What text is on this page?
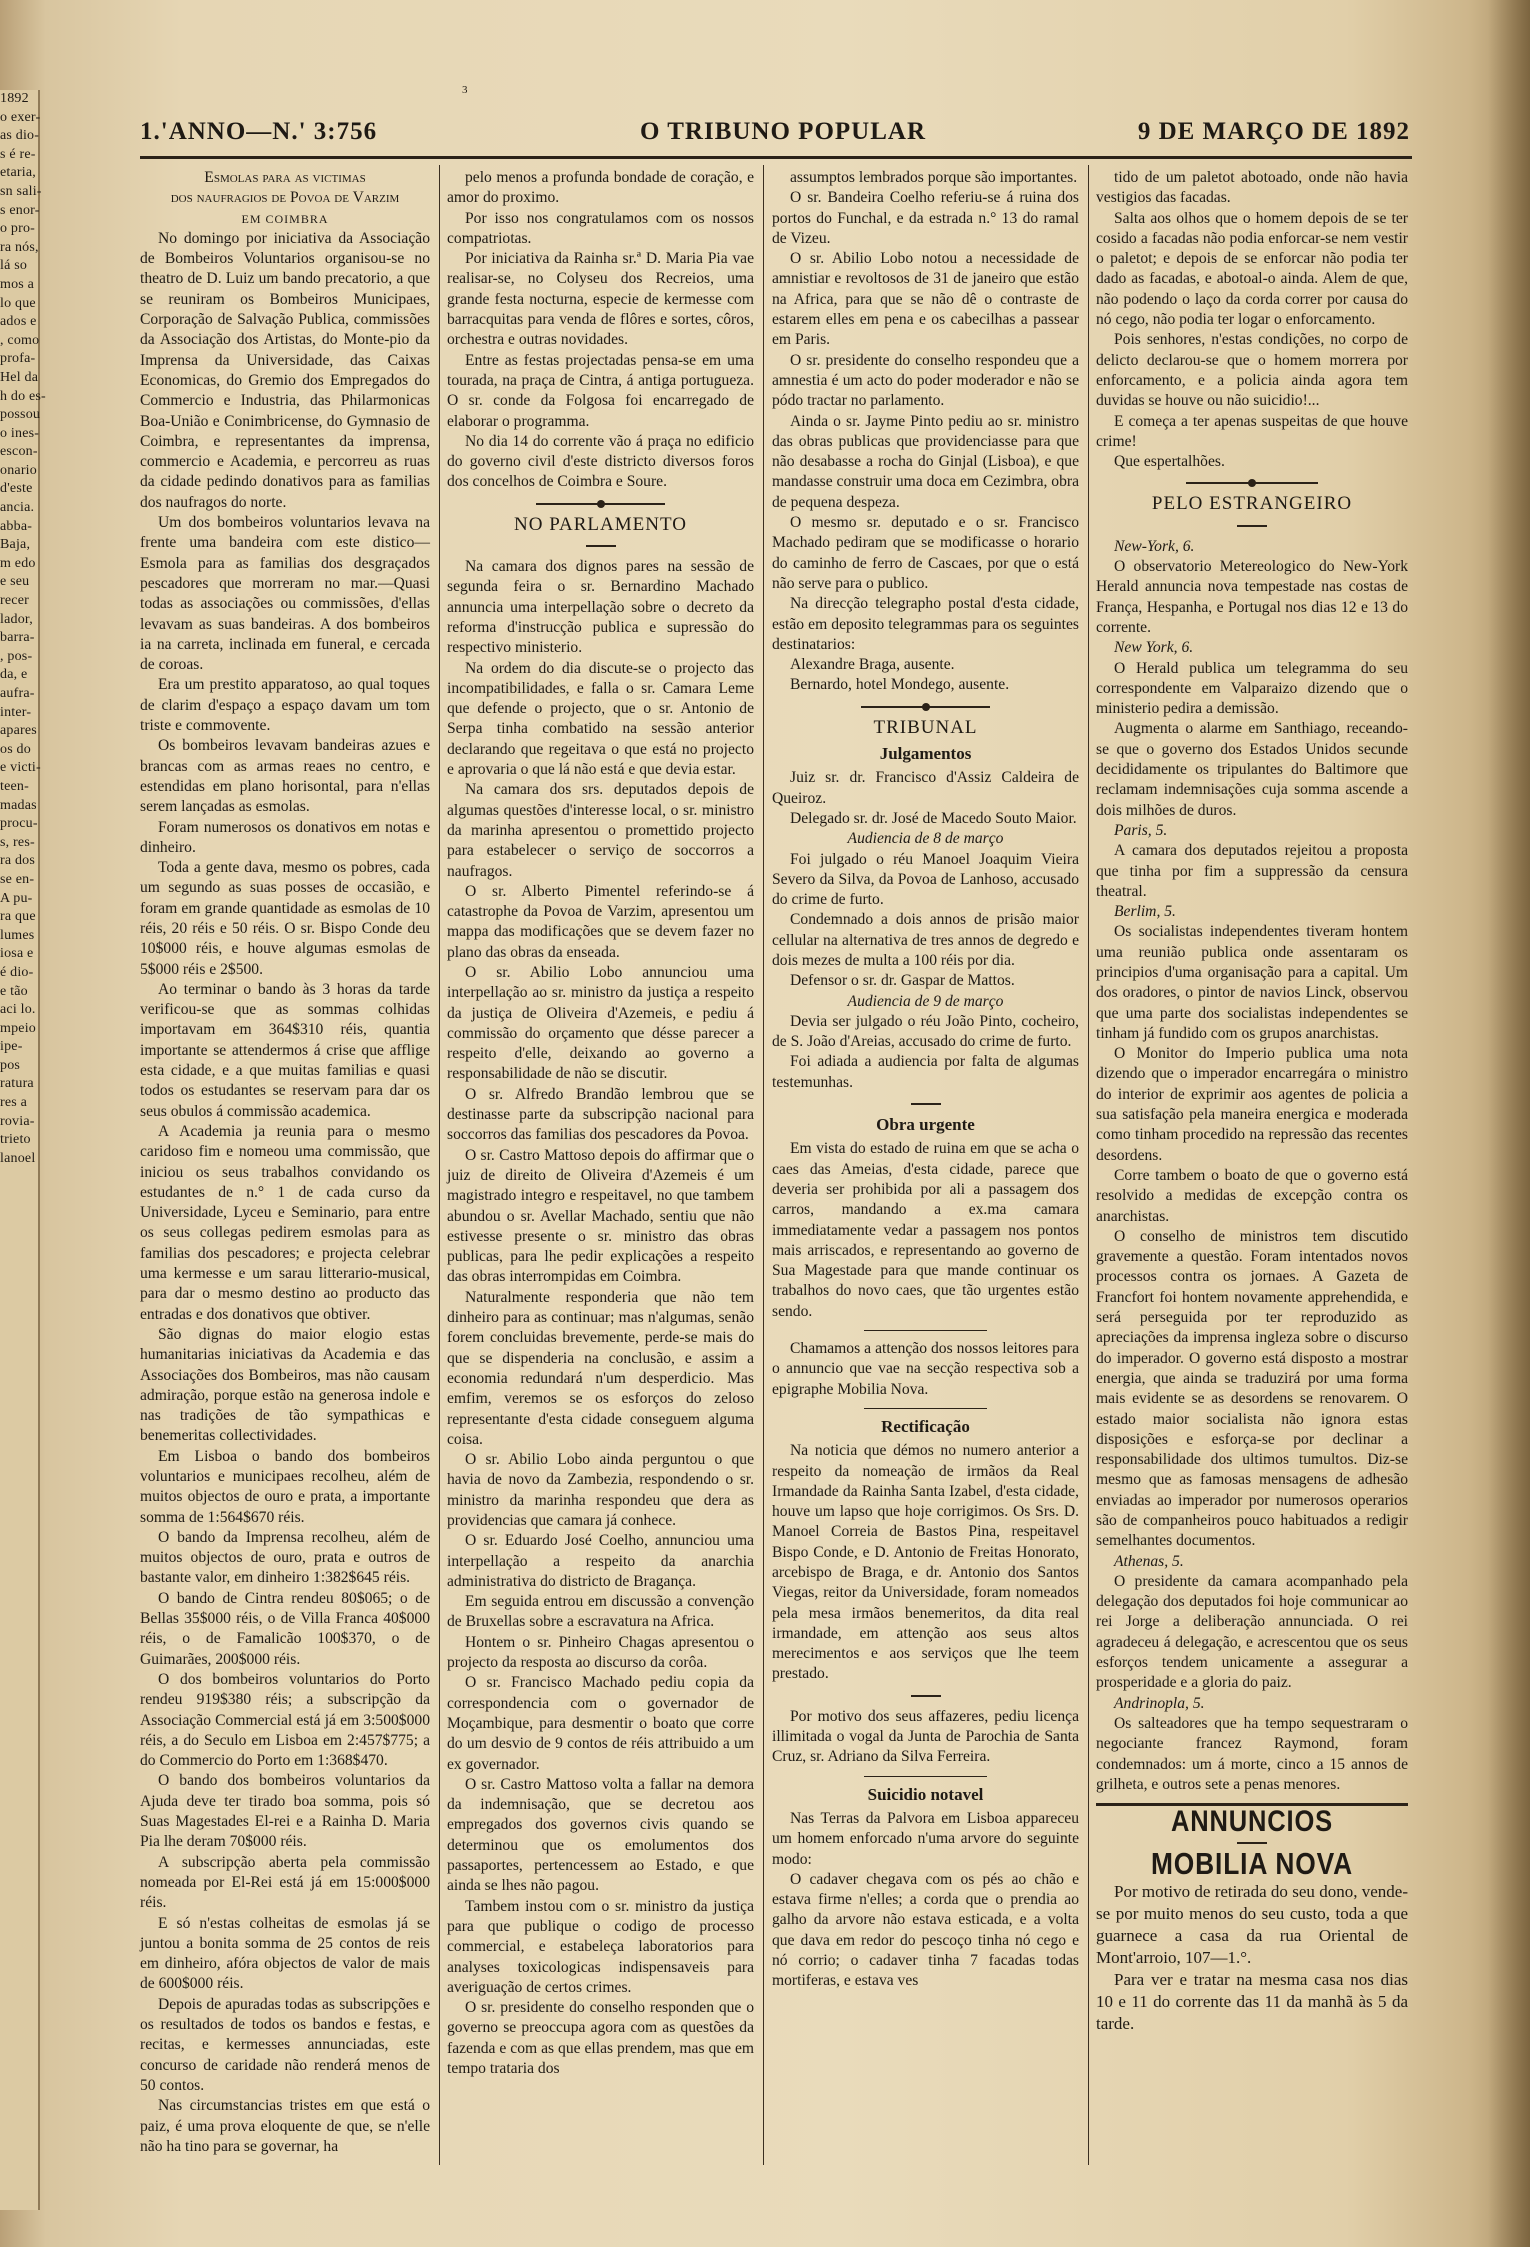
1892
o exer-
as dio-
s é re-
etaria,
sn sali-
s enor-
o pro-
ra nós,
lá so
mos a
lo que
ados e
, como
profa-
Hel da
h do es-
possou
o ines-
escon-
onario
d'este
ancia.
abba-
Baja,
m edo
e seu
recer
lador,
barra-
, pos-
da, e
aufra-
inter-
apares
os do
e victi-
teen-
madas
procu-
s, res-
ra dos
se en-
A pu-
ra que
lumes
iosa e
é dio-
e tão
aci lo.
mpeio
ipe-
pos
ratura
res a
rovia-
trieto
lanoel
3
1.'ANNO—N.' 3:756	O TRIBUNO POPULAR	9 DE MARÇO DE 1892

Esmolas para as victimas

dos naufragios de Povoa de Varzim

EM COIMBRA

No domingo por iniciativa da Associação de Bombeiros Voluntarios organisou-se no theatro de D. Luiz um bando precatorio, a que se reuniram os Bombeiros Municipaes, Corporação de Salvação Publica, commissões da Associação dos Artistas, do Monte-pio da Imprensa da Universidade, das Caixas Economicas, do Gremio dos Empregados do Commercio e Industria, das Philarmonicas Boa-União e Conimbricense, do Gymnasio de Coimbra, e representantes da imprensa, commercio e Academia, e percorreu as ruas da cidade pedindo donativos para as familias dos naufragos do norte.

Um dos bombeiros voluntarios levava na frente uma bandeira com este distico—Esmola para as familias dos desgraçados pescadores que morreram no mar.—Quasi todas as associações ou commissões, d'ellas levavam as suas bandeiras. A dos bombeiros ia na carreta, inclinada em funeral, e cercada de coroas.

Era um prestito apparatoso, ao qual toques de clarim d'espaço a espaço davam um tom triste e commovente.

Os bombeiros levavam bandeiras azues e brancas com as armas reaes no centro, e estendidas em plano horisontal, para n'ellas serem lançadas as esmolas.

Foram numerosos os donativos em notas e dinheiro.

Toda a gente dava, mesmo os pobres, cada um segundo as suas posses de occasião, e foram em grande quantidade as esmolas de 10 réis, 20 réis e 50 réis. O sr. Bispo Conde deu 10$000 réis, e houve algumas esmolas de 5$000 réis e 2$500.

Ao terminar o bando às 3 horas da tarde verificou-se que as sommas colhidas importavam em 364$310 réis, quantia importante se attendermos á crise que afflige esta cidade, e a que muitas familias e quasi todos os estudantes se reservam para dar os seus obulos á commissão academica.

A Academia ja reunia para o mesmo caridoso fim e nomeou uma commissão, que iniciou os seus trabalhos convidando os estudantes de n.° 1 de cada curso da Universidade, Lyceu e Seminario, para entre os seus collegas pedirem esmolas para as familias dos pescadores; e projecta celebrar uma kermesse e um sarau litterario-musical, para dar o mesmo destino ao producto das entradas e dos donativos que obtiver.

São dignas do maior elogio estas humanitarias iniciativas da Academia e das Associações dos Bombeiros, mas não causam admiração, porque estão na generosa indole e nas tradições de tão sympathicas e benemeritas collectividades.

Em Lisboa o bando dos bombeiros voluntarios e municipaes recolheu, além de muitos objectos de ouro e prata, a importante somma de 1:564$670 réis.

O bando da Imprensa recolheu, além de muitos objectos de ouro, prata e outros de bastante valor, em dinheiro 1:382$645 réis.

O bando de Cintra rendeu 80$065; o de Bellas 35$000 réis, o de Villa Franca 40$000 réis, o de Famalicão 100$370, o de Guimarães, 200$000 réis.

O dos bombeiros voluntarios do Porto rendeu 919$380 réis; a subscripção da Associação Commercial está já em 3:500$000 réis, a do Seculo em Lisboa em 2:457$775; a do Commercio do Porto em 1:368$470.

O bando dos bombeiros voluntarios da Ajuda deve ter tirado boa somma, pois só Suas Magestades El-rei e a Rainha D. Maria Pia lhe deram 70$000 réis.

A subscripção aberta pela commissão nomeada por El-Rei está já em 15:000$000 réis.

E só n'estas colheitas de esmolas já se juntou a bonita somma de 25 contos de reis em dinheiro, afóra objectos de valor de mais de 600$000 réis.

Depois de apuradas todas as subscripções e os resultados de todos os bandos e festas, e recitas, e kermesses annunciadas, este concurso de caridade não renderá menos de 50 contos.

Nas circumstancias tristes em que está o paiz, é uma prova eloquente de que, se n'elle não ha tino para se governar, ha

pelo menos a profunda bondade de coração, e amor do proximo.

Por isso nos congratulamos com os nossos compatriotas.

Por iniciativa da Rainha sr.ª D. Maria Pia vae realisar-se, no Colyseu dos Recreios, uma grande festa nocturna, especie de kermesse com barracquitas para venda de flôres e sortes, côros, orchestra e outras novidades.

Entre as festas projectadas pensa-se em uma tourada, na praça de Cintra, á antiga portugueza. O sr. conde da Folgosa foi encarregado de elaborar o programma.

No dia 14 do corrente vão á praça no edificio do governo civil d'este districto diversos foros dos concelhos de Coimbra e Soure.

NO PARLAMENTO

Na camara dos dignos pares na sessão de segunda feira o sr. Bernardino Machado annuncia uma interpellação sobre o decreto da reforma d'instrucção publica e supressão do respectivo ministerio.

Na ordem do dia discute-se o projecto das incompatibilidades, e falla o sr. Camara Leme que defende o projecto, que o sr. Antonio de Serpa tinha combatido na sessão anterior declarando que regeitava o que está no projecto e aprovaria o que lá não está e que devia estar.

Na camara dos srs. deputados depois de algumas questões d'interesse local, o sr. ministro da marinha apresentou o promettido projecto para estabelecer o serviço de soccorros a naufragos.

O sr. Alberto Pimentel referindo-se á catastrophe da Povoa de Varzim, apresentou um mappa das modificações que se devem fazer no plano das obras da enseada.

O sr. Abilio Lobo annunciou uma interpellação ao sr. ministro da justiça a respeito da justiça de Oliveira d'Azemeis, e pediu á commissão do orçamento que désse parecer a respeito d'elle, deixando ao governo a responsabilidade de não se discutir.

O sr. Alfredo Brandão lembrou que se destinasse parte da subscripção nacional para soccorros das familias dos pescadores da Povoa.

O sr. Castro Mattoso depois do affirmar que o juiz de direito de Oliveira d'Azemeis é um magistrado integro e respeitavel, no que tambem abundou o sr. Avellar Machado, sentiu que não estivesse presente o sr. ministro das obras publicas, para lhe pedir explicações a respeito das obras interrompidas em Coimbra.

Naturalmente responderia que não tem dinheiro para as continuar; mas n'algumas, senão forem concluidas brevemente, perde-se mais do que se dispenderia na conclusão, e assim a economia redundará n'um desperdicio. Mas emfim, veremos se os esforços do zeloso representante d'esta cidade conseguem alguma coisa.

O sr. Abilio Lobo ainda perguntou o que havia de novo da Zambezia, respondendo o sr. ministro da marinha respondeu que dera as providencias que camara já conhece.

O sr. Eduardo José Coelho, annunciou uma interpellação a respeito da anarchia administrativa do districto de Bragança.

Em seguida entrou em discussão a convenção de Bruxellas sobre a escravatura na Africa.

Hontem o sr. Pinheiro Chagas apresentou o projecto da resposta ao discurso da corôa.

O sr. Francisco Machado pediu copia da correspondencia com o governador de Moçambique, para desmentir o boato que corre do um desvio de 9 contos de réis attribuido a um ex governador.

O sr. Castro Mattoso volta a fallar na demora da indemnisação, que se decretou aos empregados dos governos civis quando se determinou que os emolumentos dos passaportes, pertencessem ao Estado, e que ainda se lhes não pagou.

Tambem instou com o sr. ministro da justiça para que publique o codigo de processo commercial, e estabeleça laboratorios para analyses toxicologicas indispensaveis para averiguação de certos crimes.

O sr. presidente do conselho responden que o governo se preoccupa agora com as questões da fazenda e com as que ellas prendem, mas que em tempo trataria dos

assumptos lembrados porque são importantes.

O sr. Bandeira Coelho referiu-se á ruina dos portos do Funchal, e da estrada n.° 13 do ramal de Vizeu.

O sr. Abilio Lobo notou a necessidade de amnistiar e revoltosos de 31 de janeiro que estão na Africa, para que se não dê o contraste de estarem elles em pena e os cabecilhas a passear em Paris.

O sr. presidente do conselho respondeu que a amnestia é um acto do poder moderador e não se pódo tractar no parlamento.

Ainda o sr. Jayme Pinto pediu ao sr. ministro das obras publicas que providenciasse para que não desabasse a rocha do Ginjal (Lisboa), e que mandasse construir uma doca em Cezimbra, obra de pequena despeza.

O mesmo sr. deputado e o sr. Francisco Machado pediram que se modificasse o horario do caminho de ferro de Cascaes, por que o está não serve para o publico.

Na direcção telegrapho postal d'esta cidade, estão em deposito telegrammas para os seguintes destinatarios:

Alexandre Braga, ausente.

Bernardo, hotel Mondego, ausente.

TRIBUNAL

Julgamentos

Juiz sr. dr. Francisco d'Assiz Caldeira de Queiroz.

Delegado sr. dr. José de Macedo Souto Maior.

Audiencia de 8 de março

Foi julgado o réu Manoel Joaquim Vieira Severo da Silva, da Povoa de Lanhoso, accusado do crime de furto.

Condemnado a dois annos de prisão maior cellular na alternativa de tres annos de degredo e dois mezes de multa a 100 réis por dia.

Defensor o sr. dr. Gaspar de Mattos.

Audiencia de 9 de março

Devia ser julgado o réu João Pinto, cocheiro, de S. João d'Areias, accusado do crime de furto.

Foi adiada a audiencia por falta de algumas testemunhas.

Obra urgente

Em vista do estado de ruina em que se acha o caes das Ameias, d'esta cidade, parece que deveria ser prohibida por ali a passagem dos carros, mandando a ex.ma camara immediatamente vedar a passagem nos pontos mais arriscados, e representando ao governo de Sua Magestade para que mande continuar os trabalhos do novo caes, que tão urgentes estão sendo.

Chamamos a attenção dos nossos leitores para o annuncio que vae na secção respectiva sob a epigraphe Mobilia Nova.

Rectificação

Na noticia que démos no numero anterior a respeito da nomeação de irmãos da Real Irmandade da Rainha Santa Izabel, d'esta cidade, houve um lapso que hoje corrigimos. Os Srs. D. Manoel Correia de Bastos Pina, respeitavel Bispo Conde, e D. Antonio de Freitas Honorato, arcebispo de Braga, e dr. Antonio dos Santos Viegas, reitor da Universidade, foram nomeados pela mesa irmãos benemeritos, da dita real irmandade, em attenção aos seus altos merecimentos e aos serviços que lhe teem prestado.

Por motivo dos seus affazeres, pediu licença illimitada o vogal da Junta de Parochia de Santa Cruz, sr. Adriano da Silva Ferreira.

Suicidio notavel

Nas Terras da Palvora em Lisboa appareceu um homem enforcado n'uma arvore do seguinte modo:

O cadaver chegava com os pés ao chão e estava firme n'elles; a corda que o prendia ao galho da arvore não estava esticada, e a volta que dava em redor do pescoço tinha nó cego e nó corrio; o cadaver tinha 7 facadas todas mortiferas, e estava ves

tido de um paletot abotoado, onde não havia vestigios das facadas.

Salta aos olhos que o homem depois de se ter cosido a facadas não podia enforcar-se nem vestir o paletot; e depois de se enforcar não podia ter dado as facadas, e abotoal-o ainda. Alem de que, não podendo o laço da corda correr por causa do nó cego, não podia ter logar o enforcamento.

Pois senhores, n'estas condições, no corpo de delicto declarou-se que o homem morrera por enforcamento, e a policia ainda agora tem duvidas se houve ou não suicidio!...

E começa a ter apenas suspeitas de que houve crime!

Que espertalhões.

PELO ESTRANGEIRO

New-York, 6.

O observatorio Metereologico do New-York Herald annuncia nova tempestade nas costas de França, Hespanha, e Portugal nos dias 12 e 13 do corrente.

New York, 6.

O Herald publica um telegramma do seu correspondente em Valparaizo dizendo que o ministerio pedira a demissão.

Augmenta o alarme em Santhiago, receando-se que o governo dos Estados Unidos secunde decididamente os tripulantes do Baltimore que reclamam indemnisações cuja somma ascende a dois milhões de duros.

Paris, 5.

A camara dos deputados rejeitou a proposta que tinha por fim a suppressão da censura theatral.

Berlim, 5.

Os socialistas independentes tiveram hontem uma reunião publica onde assentaram os principios d'uma organisação para a capital. Um dos oradores, o pintor de navios Linck, observou que uma parte dos socialistas independentes se tinham já fundido com os grupos anarchistas.

O Monitor do Imperio publica uma nota dizendo que o imperador encarregára o ministro do interior de exprimir aos agentes de policia a sua satisfação pela maneira energica e moderada como tinham procedido na repressão das recentes desordens.

Corre tambem o boato de que o governo está resolvido a medidas de excepção contra os anarchistas.

O conselho de ministros tem discutido gravemente a questão. Foram intentados novos processos contra os jornaes. A Gazeta de Francfort foi hontem novamente apprehendida, e será perseguida por ter reproduzido as apreciações da imprensa ingleza sobre o discurso do imperador. O governo está disposto a mostrar energia, que ainda se traduzirá por uma forma mais evidente se as desordens se renovarem. O estado maior socialista não ignora estas disposições e esforça-se por declinar a responsabilidade dos ultimos tumultos. Diz-se mesmo que as famosas mensagens de adhesão enviadas ao imperador por numerosos operarios são de companheiros pouco habituados a redigir semelhantes documentos.

Athenas, 5.

O presidente da camara acompanhado pela delegação dos deputados foi hoje communicar ao rei Jorge a deliberação annunciada. O rei agradeceu á delegação, e acrescentou que os seus esforços tendem unicamente a assegurar a prosperidade e a gloria do paiz.

Andrinopla, 5.

Os salteadores que ha tempo sequestraram o negociante francez Raymond, foram condemnados: um á morte, cinco a 15 annos de grilheta, e outros sete a penas menores.

ANNUNCIOS
MOBILIA NOVA

Por motivo de retirada do seu dono, vende-se por muito menos do seu custo, toda a que guarnece a casa da rua Oriental de Mont'arroio, 107—1.°.

Para ver e tratar na mesma casa nos dias 10 e 11 do corrente das 11 da manhã às 5 da tarde.
